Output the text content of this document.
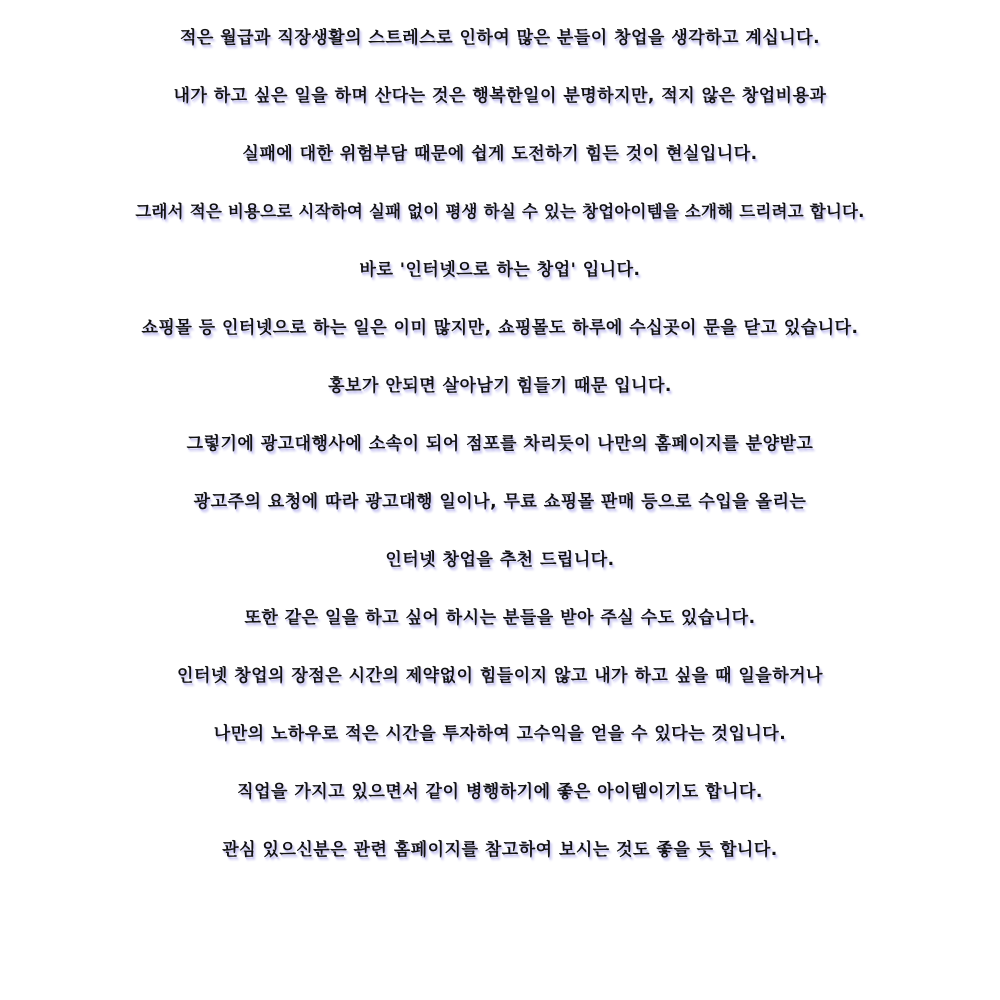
적은 월급과 직장생활의 스트레스로 인하여 많은 분들이 창업을 생각하고 계십니다.
내가 하고 싶은 일을 하며 산다는 것은 행복한일이 분명하지만, 적지 않은 창업비용과
실패에 대한 위험부담 때문에 쉽게 도전하기 힘든 것이 현실입니다.
그래서 적은 비용으로 시작하여 실패 없이 평생 하실 수 있는 창업아이템을 소개해 드리려고 합니다.
바로 '인터넷으로 하는 창업' 입니다.
쇼핑몰 등 인터넷으로 하는 일은 이미 많지만, 쇼핑몰도 하루에 수십곳이 문을 닫고 있습니다.
홍보가 안되면 살아남기 힘들기 때문 입니다.
그렇기에 광고대행사에 소속이 되어 점포를 차리듯이 나만의 홈페이지를 분양받고
광고주의 요청에 따라 광고대행 일이나, 무료 쇼핑몰 판매 등으로 수입을 올리는
인터넷 창업을 추천 드립니다.
또한 같은 일을 하고 싶어 하시는 분들을 받아 주실 수도 있습니다.
인터넷 창업의 장점은 시간의 제약없이 힘들이지 않고 내가 하고 싶을 때 일을하거나
나만의 노하우로 적은 시간을 투자하여 고수익을 얻을 수 있다는 것입니다.
직업을 가지고 있으면서 같이 병행하기에 좋은 아이템이기도 합니다.
관심 있으신분은 관련 홈페이지를 참고하여 보시는 것도 좋을 듯 합니다.
